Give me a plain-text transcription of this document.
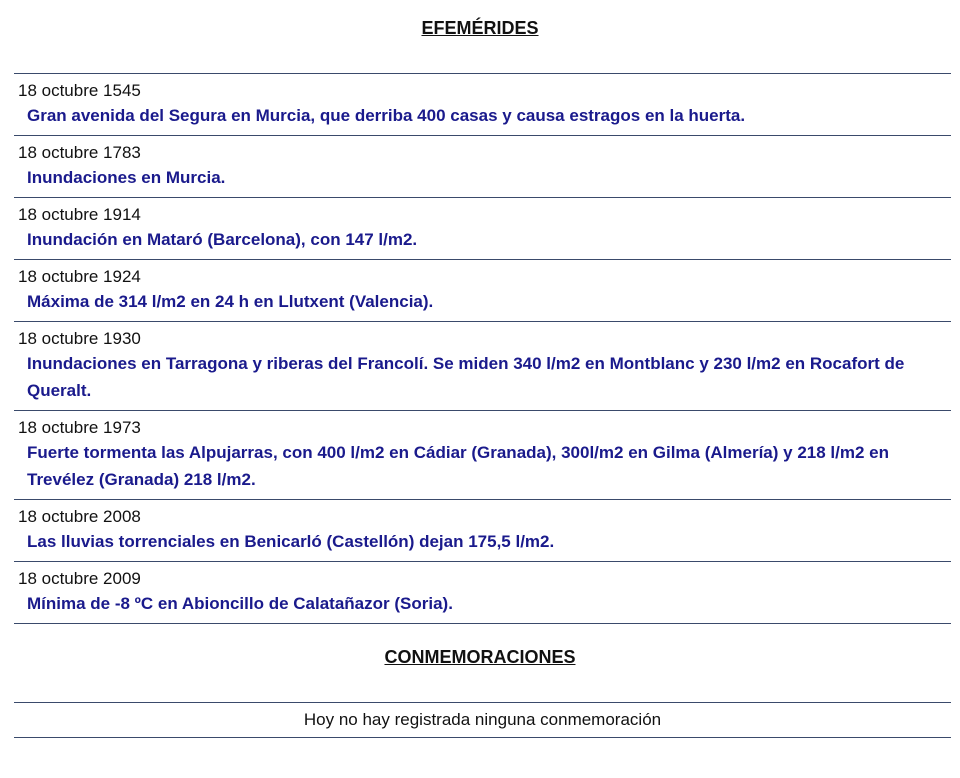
EFEMÉRIDES
18 octubre 1545
Gran avenida del Segura en Murcia, que derriba 400 casas y causa estragos en la huerta.
18 octubre 1783
Inundaciones en Murcia.
18 octubre 1914
Inundación en Mataró (Barcelona), con 147 l/m2.
18 octubre 1924
Máxima de 314 l/m2 en 24 h en Llutxent (Valencia).
18 octubre 1930
Inundaciones en Tarragona y riberas del Francolí. Se miden 340 l/m2 en Montblanc y 230 l/m2 en Rocafort de Queralt.
18 octubre 1973
Fuerte tormenta las Alpujarras, con 400 l/m2 en Cádiar (Granada), 300l/m2 en Gilma (Almería) y 218 l/m2 en Trevélez (Granada) 218 l/m2.
18 octubre 2008
Las lluvias torrenciales en Benicarló (Castellón) dejan 175,5 l/m2.
18 octubre 2009
Mínima de -8 ºC en Abioncillo de Calatañazor (Soria).
CONMEMORACIONES
Hoy no hay registrada ninguna conmemoración
